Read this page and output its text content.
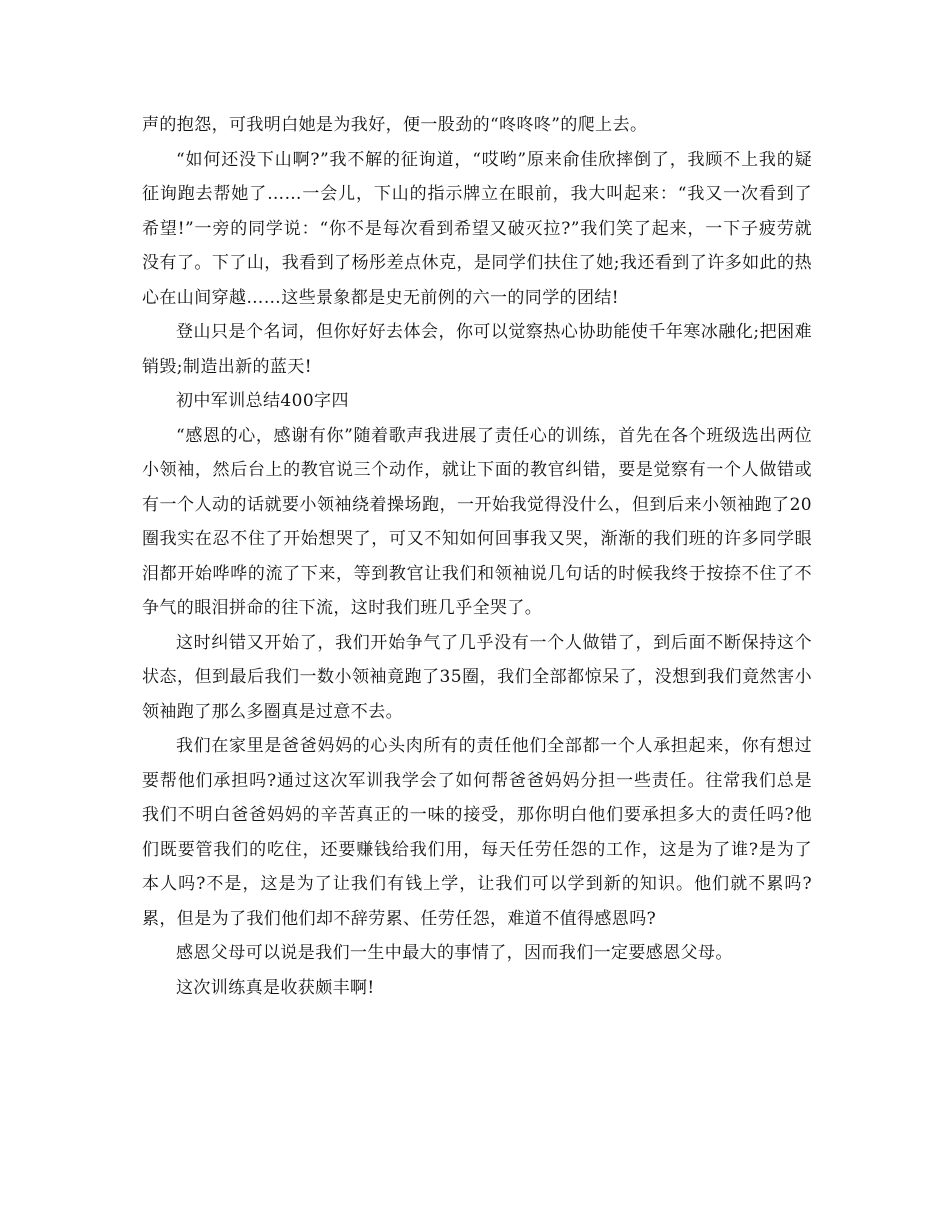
声的抱怨，可我明白她是为我好，便一股劲的“咚咚咚”的爬上去。

“如何还没下山啊?”我不解的征询道，“哎哟”原来俞佳欣摔倒了，我顾不上我的疑征询跑去帮她了……一会儿，下山的指示牌立在眼前，我大叫起来：“我又一次看到了希望!”一旁的同学说：“你不是每次看到希望又破灭拉?”我们笑了起来，一下子疲劳就没有了。下了山，我看到了杨彤差点休克，是同学们扶住了她;我还看到了许多如此的热心在山间穿越……这些景象都是史无前例的六一的同学的团结!

登山只是个名词，但你好好去体会，你可以觉察热心协助能使千年寒冰融化;把困难销毁;制造出新的蓝天!

初中军训总结400字四

“感恩的心，感谢有你”随着歌声我进展了责任心的训练，首先在各个班级选出两位小领袖，然后台上的教官说三个动作，就让下面的教官纠错，要是觉察有一个人做错或有一个人动的话就要小领袖绕着操场跑，一开始我觉得没什么，但到后来小领袖跑了20圈我实在忍不住了开始想哭了，可又不知如何回事我又哭，渐渐的我们班的许多同学眼泪都开始哗哗的流了下来，等到教官让我们和领袖说几句话的时候我终于按捺不住了不争气的眼泪拼命的往下流，这时我们班几乎全哭了。

这时纠错又开始了，我们开始争气了几乎没有一个人做错了，到后面不断保持这个状态，但到最后我们一数小领袖竟跑了35圈，我们全部都惊呆了，没想到我们竟然害小领袖跑了那么多圈真是过意不去。

我们在家里是爸爸妈妈的心头肉所有的责任他们全部都一个人承担起来，你有想过要帮他们承担吗?通过这次军训我学会了如何帮爸爸妈妈分担一些责任。往常我们总是我们不明白爸爸妈妈的辛苦真正的一味的接受，那你明白他们要承担多大的责任吗?他们既要管我们的吃住，还要赚钱给我们用，每天任劳任怨的工作，这是为了谁?是为了本人吗?不是，这是为了让我们有钱上学，让我们可以学到新的知识。他们就不累吗?累，但是为了我们他们却不辞劳累、任劳任怨，难道不值得感恩吗?

感恩父母可以说是我们一生中最大的事情了，因而我们一定要感恩父母。

这次训练真是收获颇丰啊!
